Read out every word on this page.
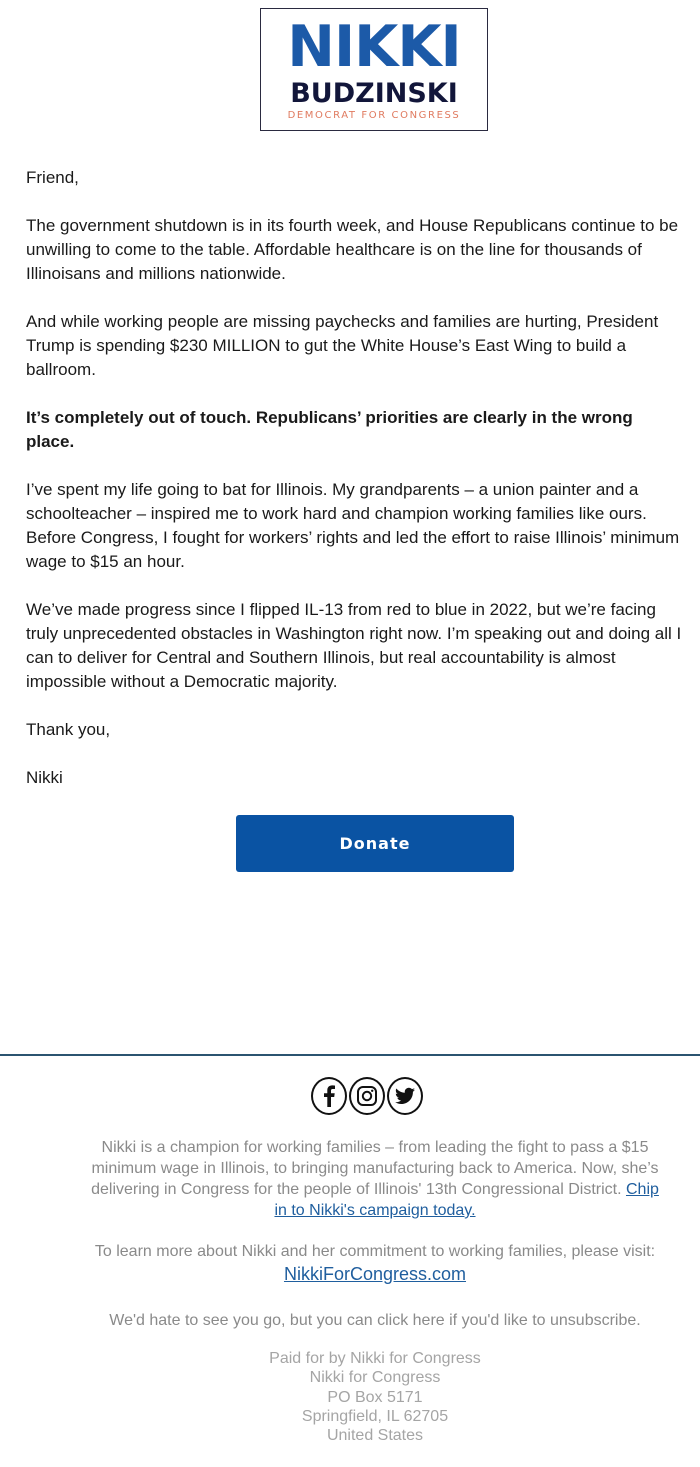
NIKKI
BUDZINSKI
DEMOCRAT FOR CONGRESS

Friend,

The government shutdown is in its fourth week, and House Republicans continue to be
unwilling to come to the table. Affordable healthcare is on the line for thousands of
Illinoisans and millions nationwide.

And while working people are missing paychecks and families are hurting, President
Trump is spending $230 MILLION to gut the White House’s East Wing to build a
ballroom.

It’s completely out of touch. Republicans’ priorities are clearly in the wrong
place.

I’ve spent my life going to bat for Illinois. My grandparents – a union painter and a
schoolteacher – inspired me to work hard and champion working families like ours.
Before Congress, I fought for workers’ rights and led the effort to raise Illinois’ minimum
wage to $15 an hour.

We’ve made progress since I flipped IL-13 from red to blue in 2022, but we’re facing
truly unprecedented obstacles in Washington right now. I’m speaking out and doing all I
can to deliver for Central and Southern Illinois, but real accountability is almost
impossible without a Democratic majority.

Thank you,

Nikki

Donate
Nikki is a champion for working families – from leading the fight to pass a $15
minimum wage in Illinois, to bringing manufacturing back to America. Now, she’s
delivering in Congress for the people of Illinois' 13th Congressional District. Chip
in to Nikki's campaign today.
To learn more about Nikki and her commitment to working families, please visit:
NikkiForCongress.com
We'd hate to see you go, but you can click here if you'd like to unsubscribe.
Paid for by Nikki for Congress
Nikki for Congress
PO Box 5171
Springfield, IL 62705
United States
